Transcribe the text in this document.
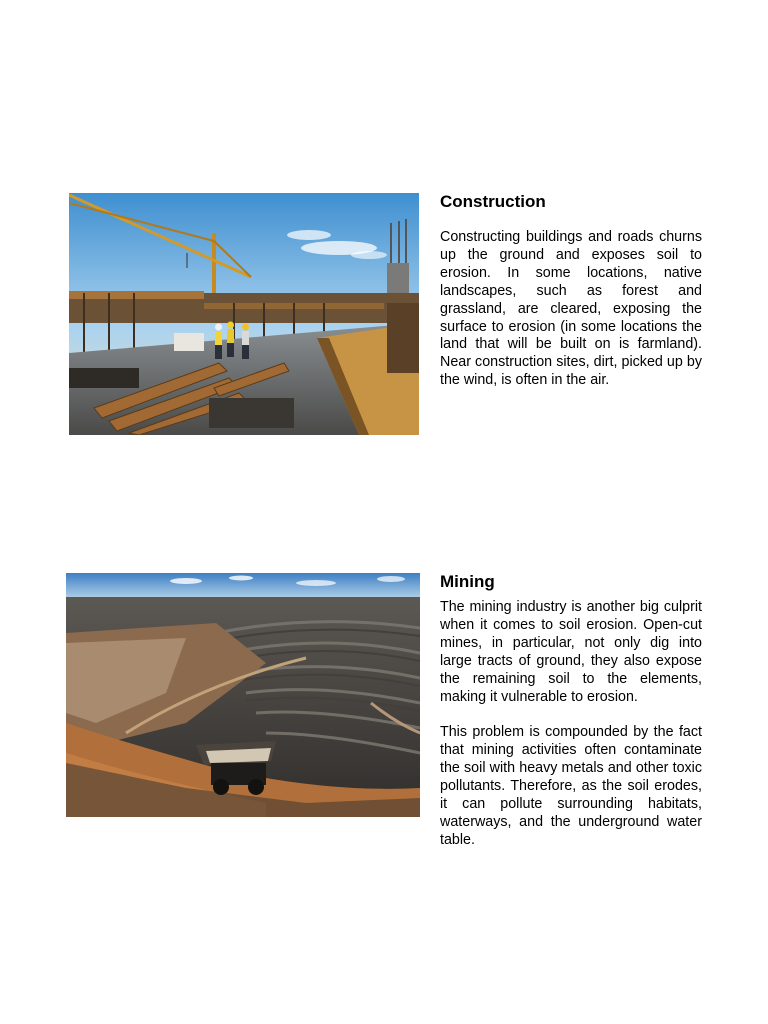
Construction

Constructing buildings and roads churns up the ground and exposes soil to erosion. In some locations, native landscapes, such as forest and grassland, are cleared, exposing the surface to erosion (in some locations the land that will be built on is farmland). Near construction sites, dirt, picked up by the wind, is often in the air.

Mining

The mining industry is another big culprit when it comes to soil erosion. Open-cut mines, in particular, not only dig into large tracts of ground, they also expose the remaining soil to the elements, making it vulnerable to erosion.

This problem is compounded by the fact that mining activities often contaminate the soil with heavy metals and other toxic pollutants. Therefore, as the soil erodes, it can pollute surrounding habitats, waterways, and the underground water table.
